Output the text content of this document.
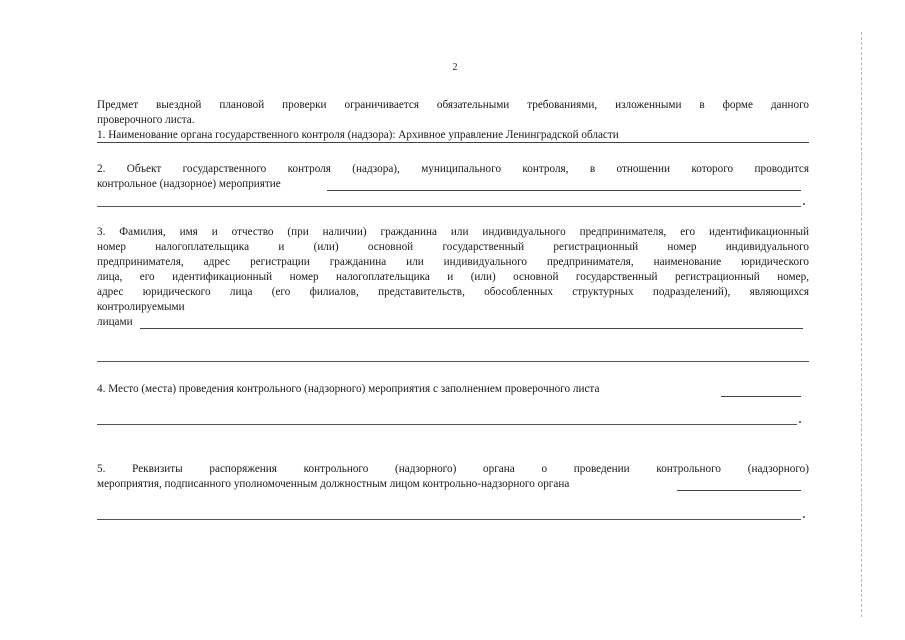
2
Предмет выездной плановой проверки ограничивается обязательными требованиями, изложенными в форме данного
проверочного листа.
1. Наименование органа государственного контроля (надзора): Архивное управление Ленинградской области
2. Объект государственного контроля (надзора), муниципального контроля, в отношении которого проводится
контрольное (надзорное) мероприятие
3. Фамилия, имя и отчество (при наличии) гражданина или индивидуального предпринимателя, его идентификационный
номер налогоплательщика и (или) основной государственный регистрационный номер индивидуального
предпринимателя, адрес регистрации гражданина или индивидуального предпринимателя, наименование юридического
лица, его идентификационный номер налогоплательщика и (или) основной государственный регистрационный номер,
адрес юридического лица (его филиалов, представительств, обособленных структурных подразделений), являющихся
контролируемыми
лицами
4. Место (места) проведения контрольного (надзорного) мероприятия с заполнением проверочного листа
5. Реквизиты распоряжения контрольного (надзорного) органа о проведении контрольного (надзорного)
мероприятия, подписанного уполномоченным должностным лицом контрольно-надзорного органа
